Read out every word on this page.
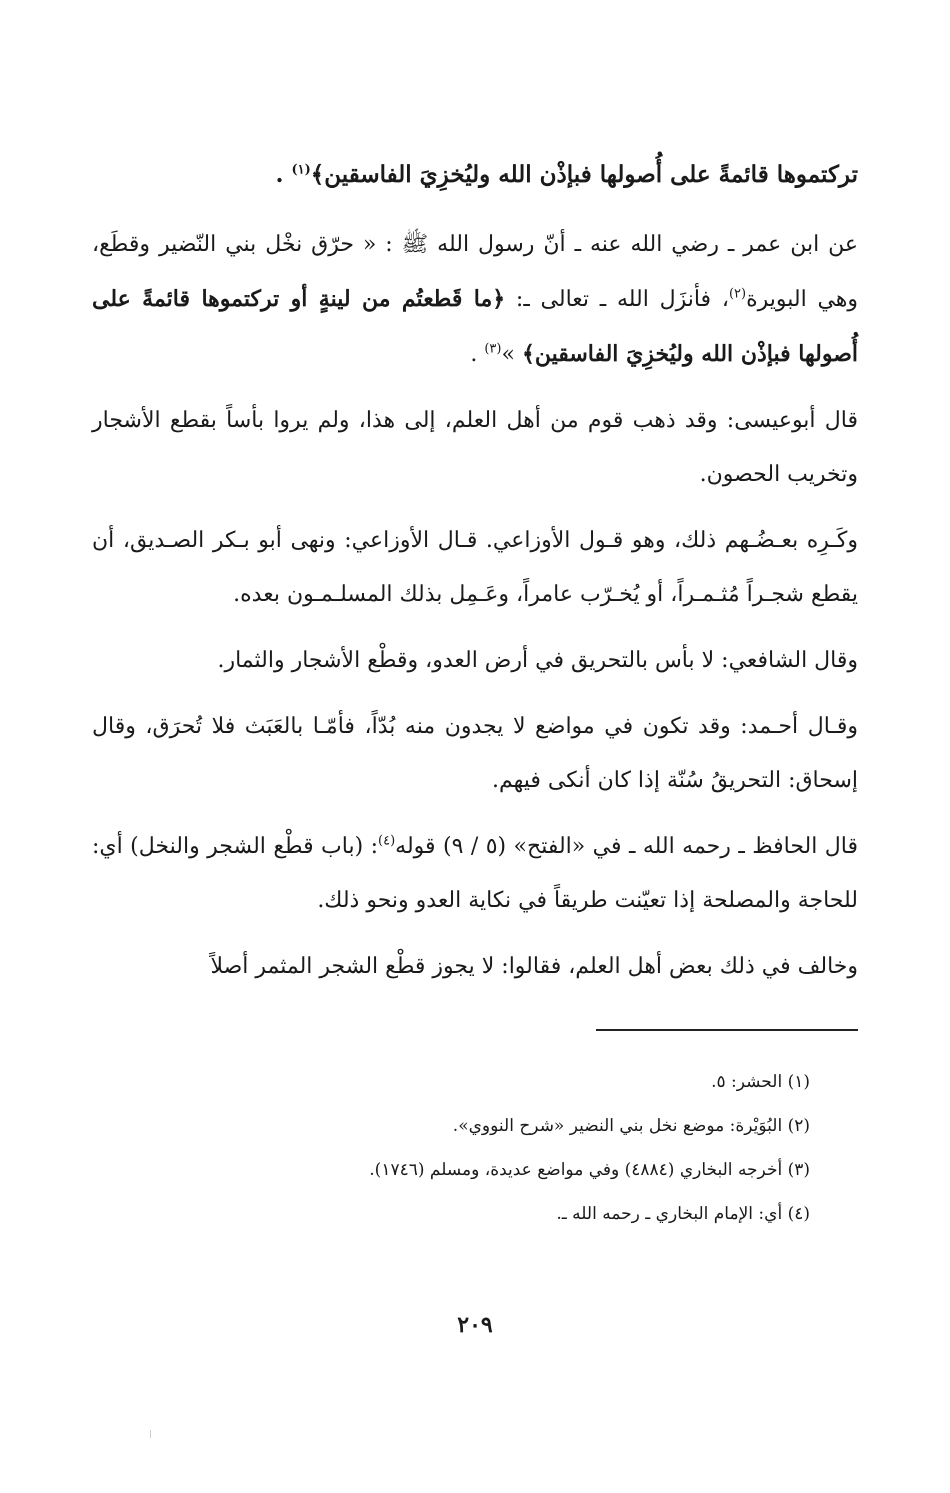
تركتموها قائمةً على أُصولها فبإذْن الله وليُخزِيَ الفاسقين﴾$^{(١)}$ .

عن ابن عمر ـ رضي الله عنه ـ أنّ رسول الله ﷺ : « حرّق نخْل بني النّضير وقطَع، وهي البويرة$^{(٢)}$، فأنزَل الله ـ تعالى ـ: ﴿ما قَطعتُم من لينةٍ أو تركتموها قائمةً على أُصولها فبإذْن الله وليُخزِيَ الفاسقين﴾ »$^{(٣)}$ .

قال أبوعيسى: وقد ذهب قوم من أهل العلم، إلى هذا، ولم يروا بأساً بقطع الأشجار وتخريب الحصون.

وكَـرِه بعـضُـهم ذلك، وهو قـول الأوزاعي. قـال الأوزاعي: ونهى أبو بـكر الصـديق، أن يقطع شجـراً مُثـمـراً، أو يُخـرّب عامراً، وعَـمِل بذلك المسلـمـون بعده.

وقال الشافعي: لا بأس بالتحريق في أرض العدو، وقطْع الأشجار والثمار.

وقـال أحـمد: وقد تكون في مواضع لا يجدون منه بُدّاً، فأمّـا بالعَبَث فلا تُحرَق، وقال إسحاق: التحريقُ سُنّة إذا كان أنكى فيهم.

قال الحافظ ـ رحمه الله ـ في «الفتح» (٥ / ٩) قوله$^{(٤)}$: (باب قطْع الشجر والنخل) أي: للحاجة والمصلحة إذا تعيّنت طريقاً في نكاية العدو ونحو ذلك.

وخالف في ذلك بعض أهل العلم، فقالوا: لا يجوز قطْع الشجر المثمر أصلاً

(١) الحشر: ٥.
(٢) البُوَيْرة: موضع نخل بني النضير «شرح النووي».
(٣) أخرجه البخاري (٤٨٨٤) وفي مواضع عديدة، ومسلم (١٧٤٦).
(٤) أي: الإمام البخاري ـ رحمه الله ـ.
٢٠٩
